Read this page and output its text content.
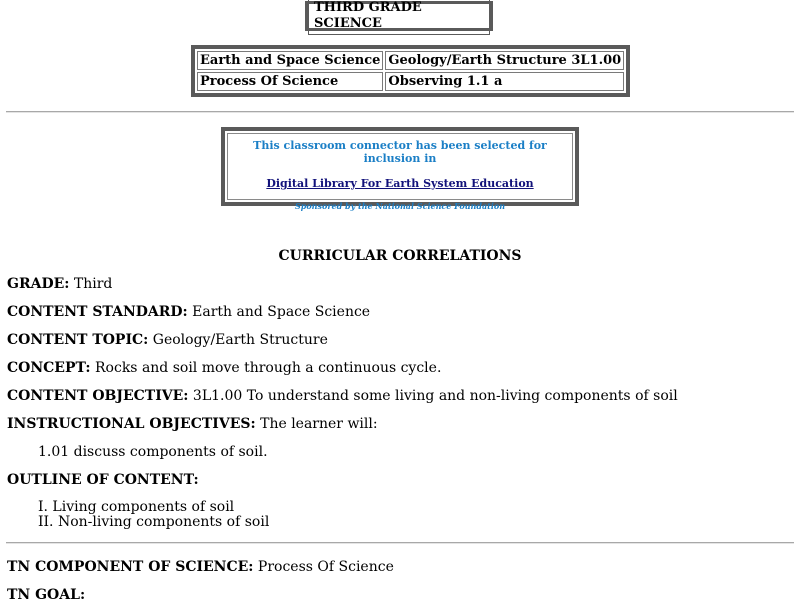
THIRD GRADE SCIENCE
Earth and Space Science	Geology/Earth Structure 3L1.00
Process Of Science	Observing 1.1 a
This classroom connector has been selected for inclusion in
Digital Library For Earth System Education
Sponsored by the National Science Foundation
CURRICULAR CORRELATIONS
GRADE: Third
CONTENT STANDARD: Earth and Space Science
CONTENT TOPIC: Geology/Earth Structure
CONCEPT: Rocks and soil move through a continuous cycle.
CONTENT OBJECTIVE: 3L1.00 To understand some living and non-living components of soil
INSTRUCTIONAL OBJECTIVES: The learner will:
1.01 discuss components of soil.
OUTLINE OF CONTENT:
I. Living components of soil
II. Non-living components of soil
TN COMPONENT OF SCIENCE: Process Of Science
TN GOAL:
